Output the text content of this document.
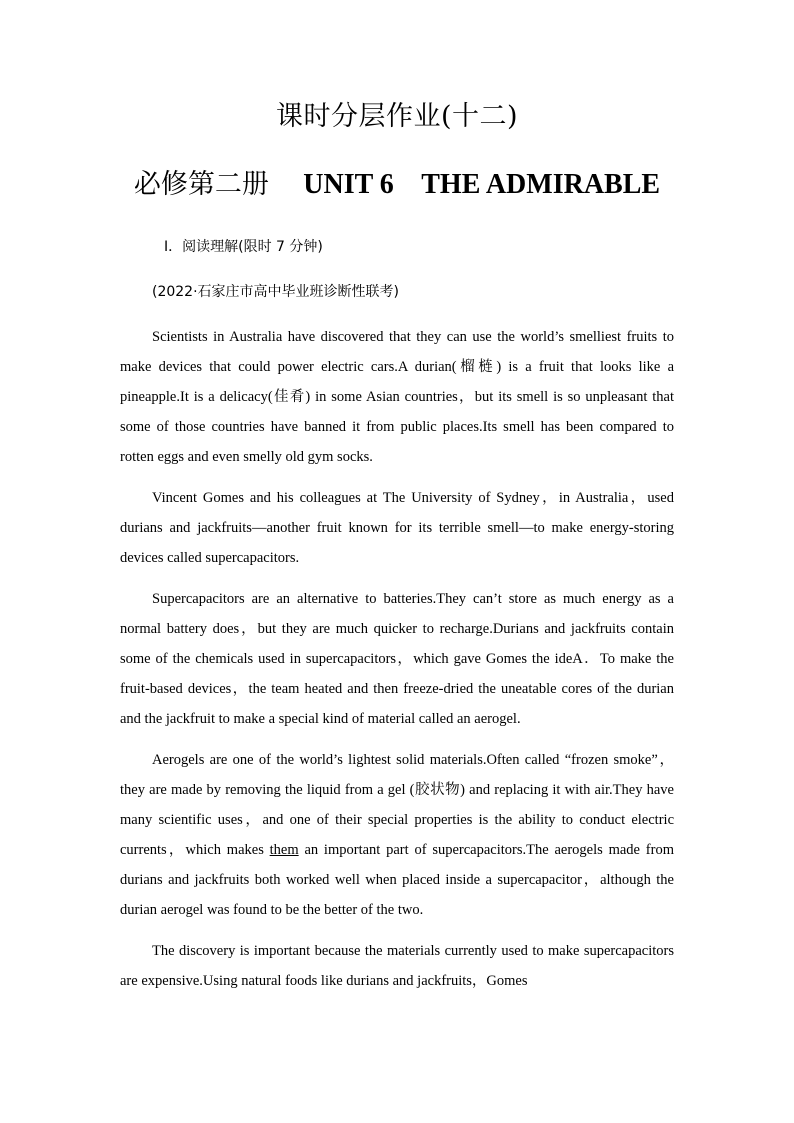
课时分层作业(十二)
必修第二册 UNIT 6    THE ADMIRABLE
Ⅰ．阅读理解(限时 7 分钟)
(2022·石家庄市高中毕业班诊断性联考)

Scientists in Australia have discovered that they can use the world’s smelliest fruits to make devices that could power electric cars.A durian(榴梿) is a fruit that looks like a pineapple.It is a delicacy(佳肴) in some Asian countries，but its smell is so unpleasant that some of those countries have banned it from public places.Its smell has been compared to rotten eggs and even smelly old gym socks.

Vincent Gomes and his colleagues at The University of Sydney，in Australia，used durians and jackfruits—another fruit known for its terrible smell—to make energy-storing devices called supercapacitors.

Supercapacitors are an alternative to batteries.They can’t store as much energy as a normal battery does，but they are much quicker to recharge.Durians and jackfruits contain some of the chemicals used in supercapacitors，which gave Gomes the ideA．To make the fruit-based devices，the team heated and then freeze-dried the uneatable cores of the durian and the jackfruit to make a special kind of material called an aerogel.

Aerogels are one of the world’s lightest solid materials.Often called “frozen smoke”，they are made by removing the liquid from a gel (胶状物) and replacing it with air.They have many scientific uses，and one of their special properties is the ability to conduct electric currents，which makes them an important part of supercapacitors.The aerogels made from durians and jackfruits both worked well when placed inside a supercapacitor，although the durian aerogel was found to be the better of the two.

The discovery is important because the materials currently used to make supercapacitors are expensive.Using natural foods like durians and jackfruits，Gomes
